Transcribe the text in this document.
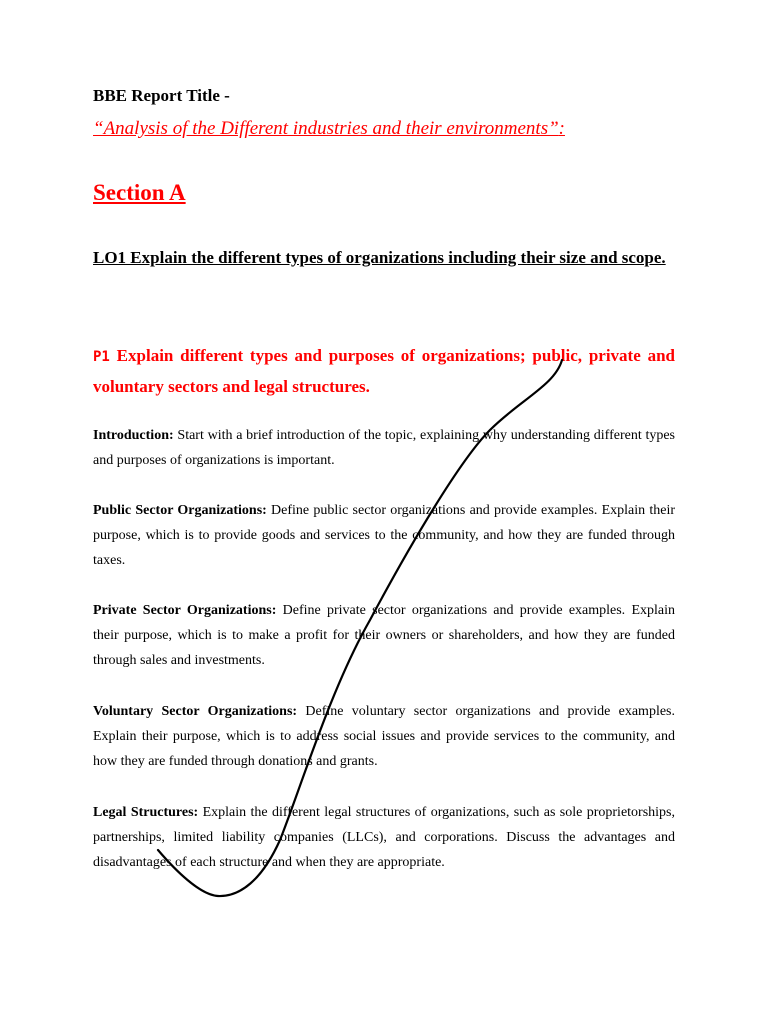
BBE Report Title -
“Analysis of the Different industries and their environments”:
Section A
LO1 Explain the different types of organizations including their size and scope.
P1 Explain different types and purposes of organizations; public, private and voluntary sectors and legal structures.
Introduction: Start with a brief introduction of the topic, explaining why understanding different types and purposes of organizations is important.
Public Sector Organizations: Define public sector organizations and provide examples. Explain their purpose, which is to provide goods and services to the community, and how they are funded through taxes.
Private Sector Organizations: Define private sector organizations and provide examples. Explain their purpose, which is to make a profit for their owners or shareholders, and how they are funded through sales and investments.
Voluntary Sector Organizations: Define voluntary sector organizations and provide examples. Explain their purpose, which is to address social issues and provide services to the community, and how they are funded through donations and grants.
Legal Structures: Explain the different legal structures of organizations, such as sole proprietorships, partnerships, limited liability companies (LLCs), and corporations. Discuss the advantages and disadvantages of each structure and when they are appropriate.
